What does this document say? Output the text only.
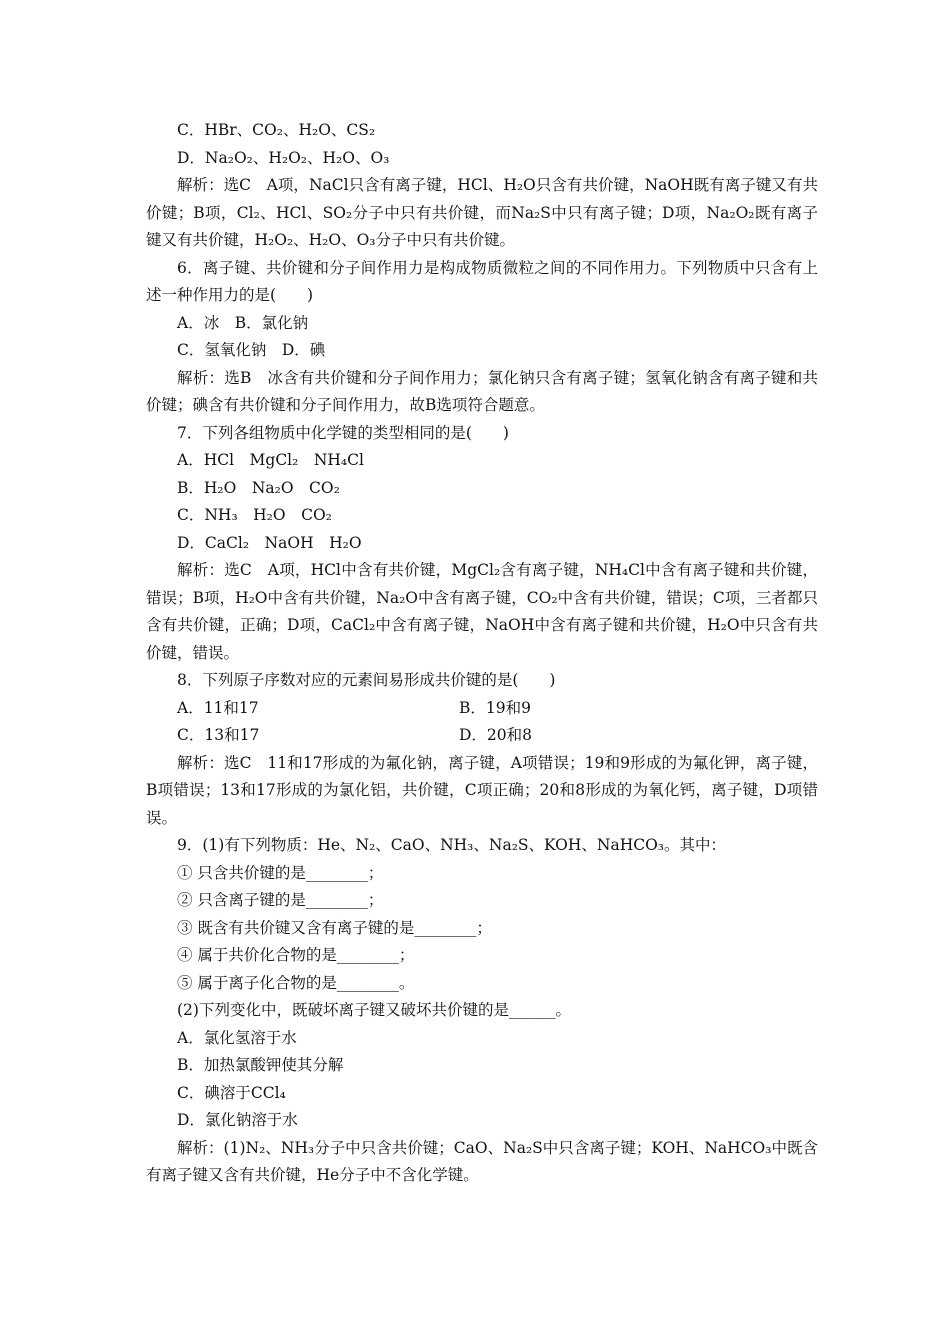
C．HBr、CO₂、H₂O、CS₂
D．Na₂O₂、H₂O₂、H₂O、O₃
解析：选C　A项，NaCl只含有离子键，HCl、H₂O只含有共价键，NaOH既有离子键又有共价键；B项，Cl₂、HCl、SO₂分子中只有共价键，而Na₂S中只有离子键；D项，Na₂O₂既有离子键又有共价键，H₂O₂、H₂O、O₃分子中只有共价键。
6．离子键、共价键和分子间作用力是构成物质微粒之间的不同作用力。下列物质中只含有上述一种作用力的是(　　)
A．冰　B．氯化钠
C．氢氧化钠　D．碘
解析：选B　冰含有共价键和分子间作用力；氯化钠只含有离子键；氢氧化钠含有离子键和共价键；碘含有共价键和分子间作用力，故B选项符合题意。
7．下列各组物质中化学键的类型相同的是(　　)
A．HCl　MgCl₂　NH₄Cl
B．H₂O　Na₂O　CO₂
C．NH₃　H₂O　CO₂
D．CaCl₂　NaOH　H₂O
解析：选C　A项，HCl中含有共价键，MgCl₂含有离子键，NH₄Cl中含有离子键和共价键，错误；B项，H₂O中含有共价键，Na₂O中含有离子键，CO₂中含有共价键，错误；C项，三者都只含有共价键，正确；D项，CaCl₂中含有离子键，NaOH中含有离子键和共价键，H₂O中只含有共价键，错误。
8．下列原子序数对应的元素间易形成共价键的是(　　)
A．11和17	B．19和9
C．13和17	D．20和8
解析：选C　11和17形成的为氟化钠，离子键，A项错误；19和9形成的为氟化钾，离子键，B项错误；13和17形成的为氯化铝，共价键，C项正确；20和8形成的为氧化钙，离子键，D项错误。
9．(1)有下列物质：He、N₂、CaO、NH₃、Na₂S、KOH、NaHCO₃。其中：
① 只含共价键的是________；
② 只含离子键的是________；
③ 既含有共价键又含有离子键的是________；
④ 属于共价化合物的是________；
⑤ 属于离子化合物的是________。
(2)下列变化中，既破坏离子键又破坏共价键的是______。
A．氯化氢溶于水
B．加热氯酸钾使其分解
C．碘溶于CCl₄
D．氯化钠溶于水
解析：(1)N₂、NH₃分子中只含共价键；CaO、Na₂S中只含离子键；KOH、NaHCO₃中既含有离子键又含有共价键，He分子中不含化学键。
